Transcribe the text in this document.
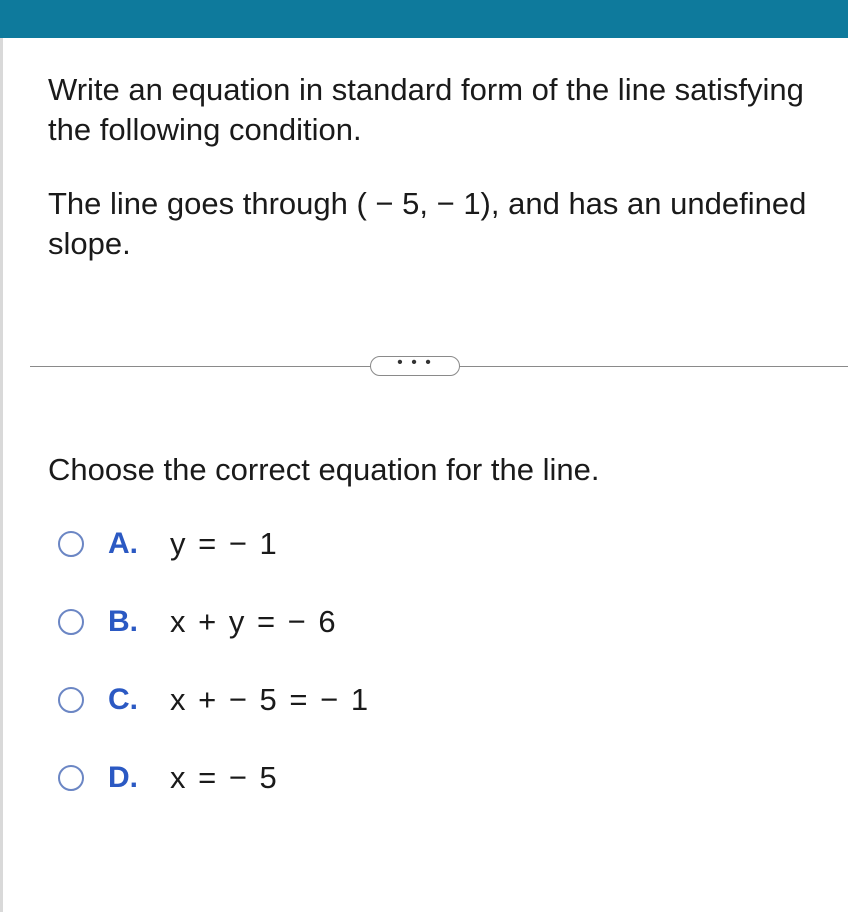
Write an equation in standard form of the line satisfying the following condition.

The line goes through ( − 5, − 1), and has an undefined slope.

• • •
Choose the correct equation for the line.
A.	y = − 1
B.	x + y = − 6
C.	x + − 5 = − 1
D.	x = − 5
